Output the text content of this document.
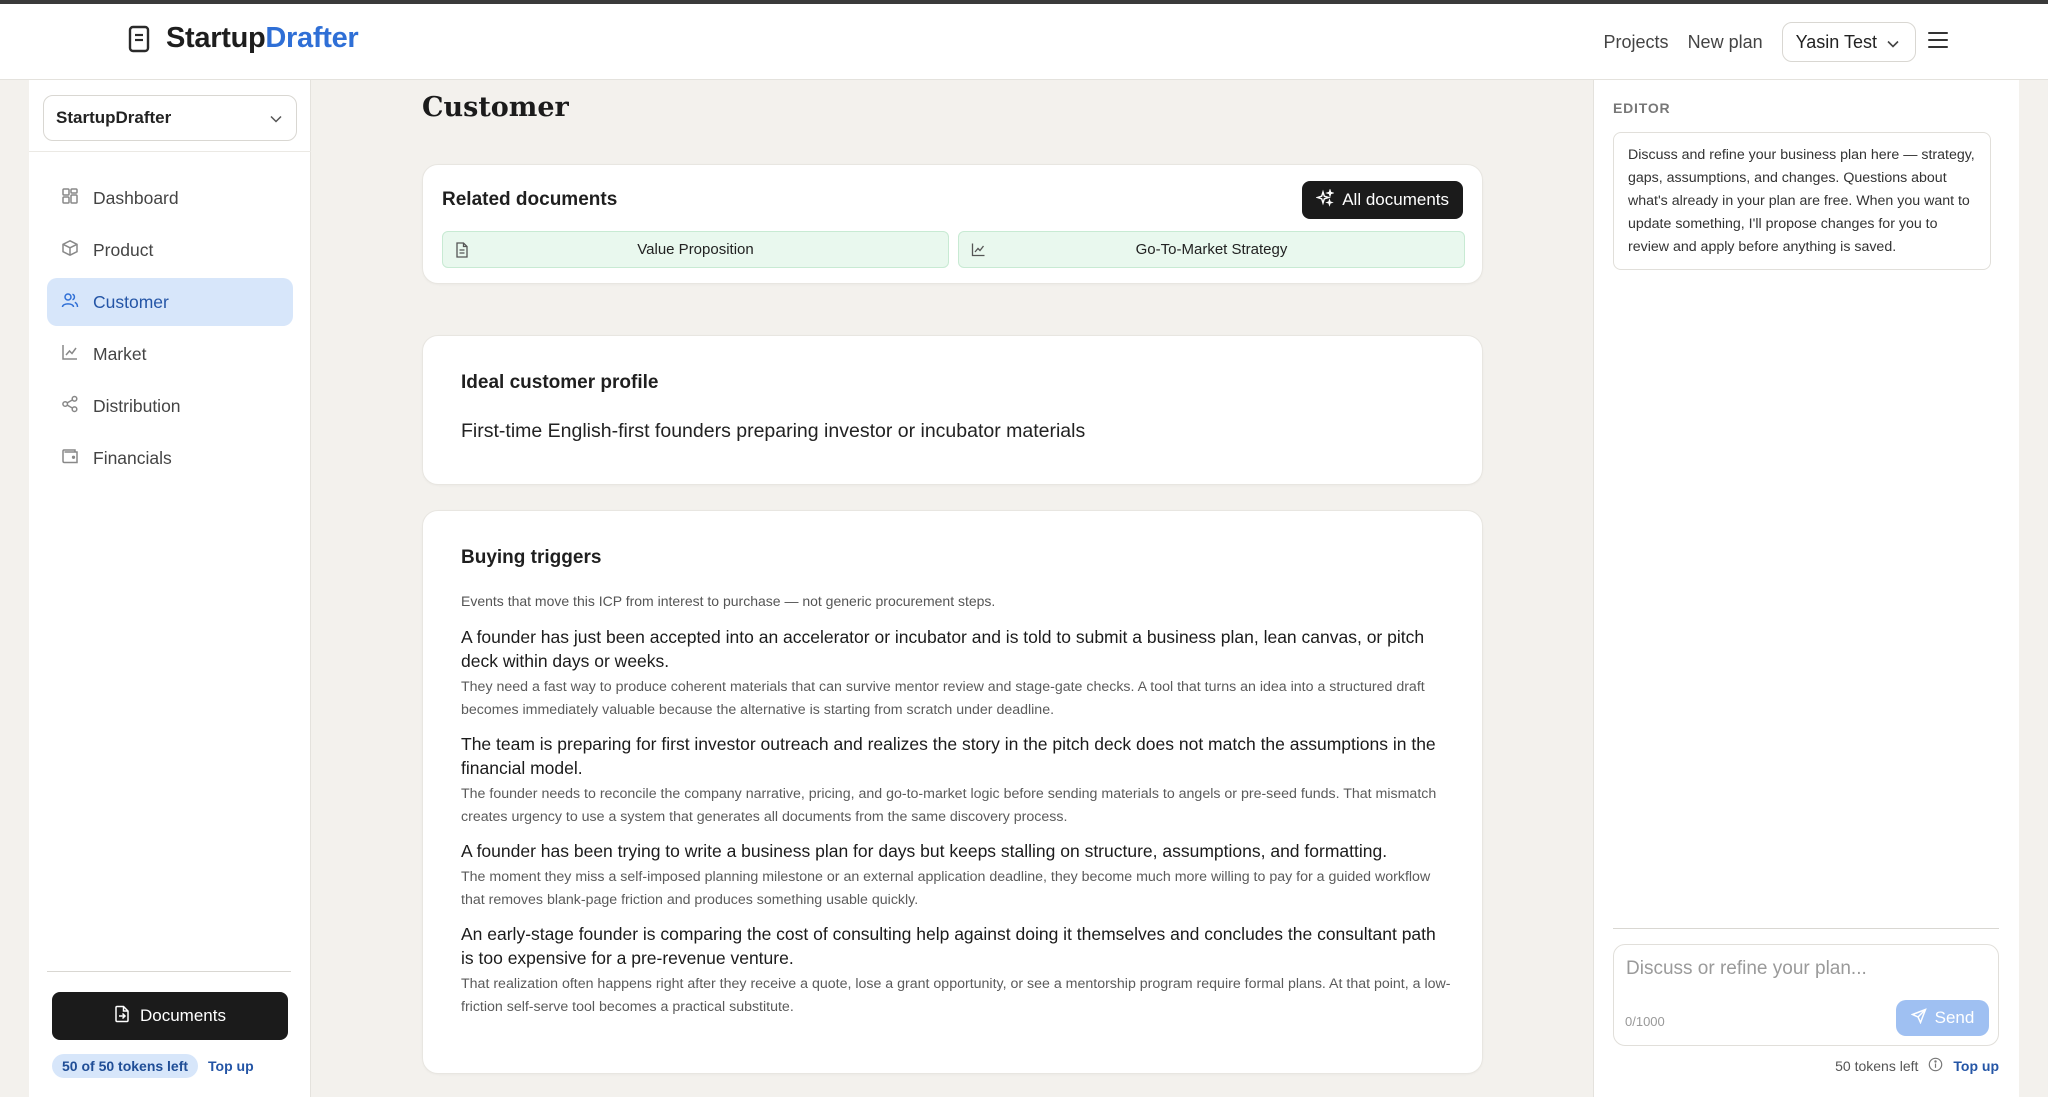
StartupDrafter	Projects New plan Yasin Test
StartupDrafter
Dashboard
Product
Customer
Market
Distribution
Financials
Documents
50 of 50 tokens left	Top up
Customer
Related documents	All documents
Value Proposition	Go-To-Market Strategy
Ideal customer profile
First-time English-first founders preparing investor or incubator materials
Buying triggers
Events that move this ICP from interest to purchase — not generic procurement steps.
A founder has just been accepted into an accelerator or incubator and is told to submit a business plan, lean canvas, or pitch deck within days or weeks.
They need a fast way to produce coherent materials that can survive mentor review and stage-gate checks. A tool that turns an idea into a structured draft becomes immediately valuable because the alternative is starting from scratch under deadline.
The team is preparing for first investor outreach and realizes the story in the pitch deck does not match the assumptions in the financial model.
The founder needs to reconcile the company narrative, pricing, and go-to-market logic before sending materials to angels or pre-seed funds. That mismatch creates urgency to use a system that generates all documents from the same discovery process.
A founder has been trying to write a business plan for days but keeps stalling on structure, assumptions, and formatting.
The moment they miss a self-imposed planning milestone or an external application deadline, they become much more willing to pay for a guided workflow that removes blank-page friction and produces something usable quickly.
An early-stage founder is comparing the cost of consulting help against doing it themselves and concludes the consultant path is too expensive for a pre-revenue venture.
That realization often happens right after they receive a quote, lose a grant opportunity, or see a mentorship program require formal plans. At that point, a low-friction self-serve tool becomes a practical substitute.
EDITOR
Discuss and refine your business plan here — strategy, gaps, assumptions, and changes. Questions about what's already in your plan are free. When you want to update something, I'll propose changes for you to review and apply before anything is saved.
Discuss or refine your plan...
0/1000	Send
50 tokens left	Top up
